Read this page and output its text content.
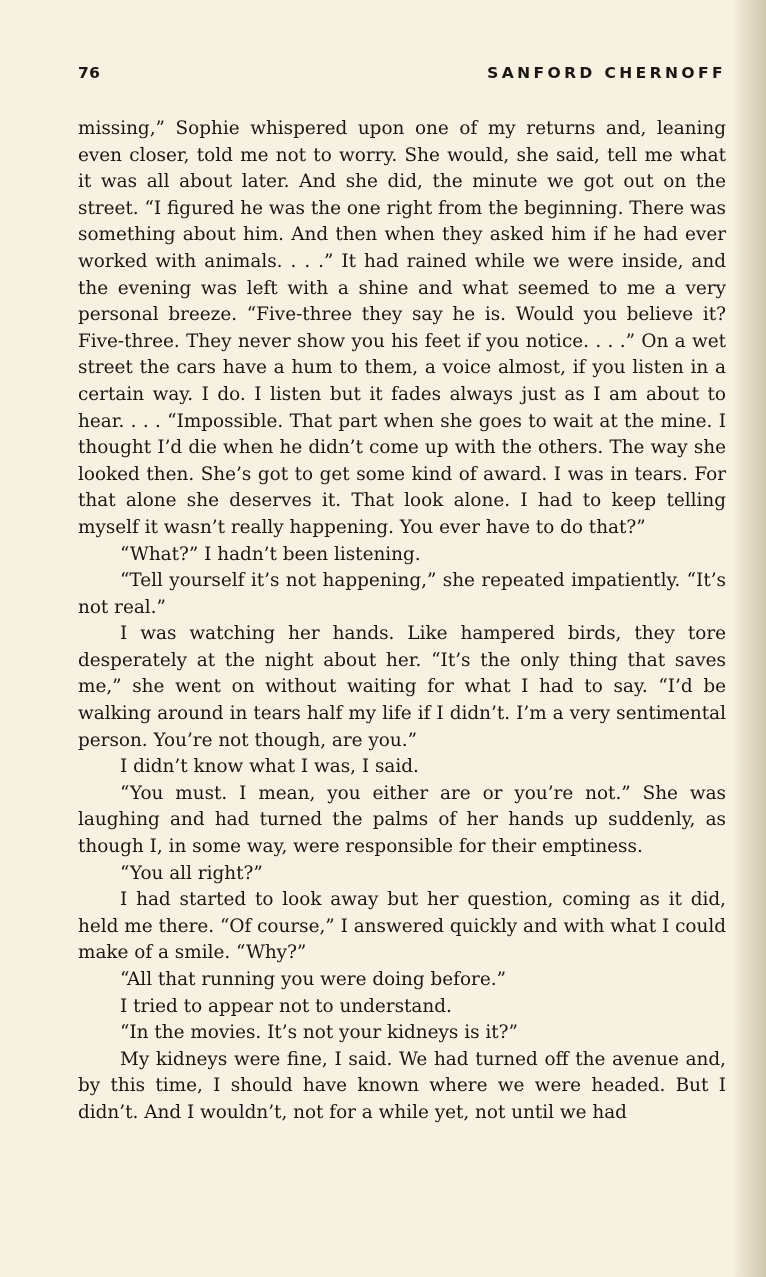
76	SANFORD CHERNOFF

missing,” Sophie whispered upon one of my returns and, leaning even closer, told me not to worry. She would, she said, tell me what it was all about later. And she did, the minute we got out on the street. “I figured he was the one right from the beginning. There was something about him. And then when they asked him if he had ever worked with animals. . . .” It had rained while we were inside, and the evening was left with a shine and what seemed to me a very personal breeze. “Five-three they say he is. Would you believe it? Five-three. They never show you his feet if you notice. . . .” On a wet street the cars have a hum to them, a voice almost, if you listen in a certain way. I do. I listen but it fades always just as I am about to hear. . . . “Impossible. That part when she goes to wait at the mine. I thought I’d die when he didn’t come up with the others. The way she looked then. She’s got to get some kind of award. I was in tears. For that alone she deserves it. That look alone. I had to keep telling myself it wasn’t really happening. You ever have to do that?”

“What?” I hadn’t been listening.

“Tell yourself it’s not happening,” she repeated impatiently. “It’s not real.”

I was watching her hands. Like hampered birds, they tore desperately at the night about her. “It’s the only thing that saves me,” she went on without waiting for what I had to say. “I’d be walking around in tears half my life if I didn’t. I’m a very sentimental person. You’re not though, are you.”

I didn’t know what I was, I said.

“You must. I mean, you either are or you’re not.” She was laughing and had turned the palms of her hands up suddenly, as though I, in some way, were responsible for their emptiness.

“You all right?”

I had started to look away but her question, coming as it did, held me there. “Of course,” I answered quickly and with what I could make of a smile. “Why?”

“All that running you were doing before.”

I tried to appear not to understand.

“In the movies. It’s not your kidneys is it?”

My kidneys were fine, I said. We had turned off the avenue and, by this time, I should have known where we were headed. But I didn’t. And I wouldn’t, not for a while yet, not until we had
